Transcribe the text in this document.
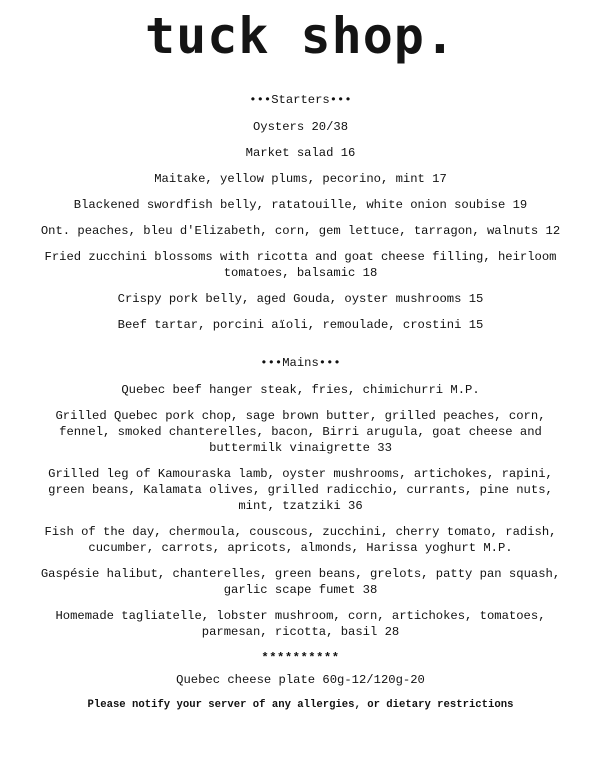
tuck shop.
•••Starters•••
Oysters 20/38
Market salad 16
Maitake, yellow plums, pecorino, mint 17
Blackened swordfish belly, ratatouille, white onion soubise 19
Ont. peaches, bleu d'Elizabeth, corn, gem lettuce, tarragon, walnuts 12
Fried zucchini blossoms with ricotta and goat cheese filling, heirloom tomatoes, balsamic 18
Crispy pork belly, aged Gouda, oyster mushrooms 15
Beef tartar, porcini aïoli, remoulade, crostini 15
•••Mains•••
Quebec beef hanger steak, fries, chimichurri M.P.
Grilled Quebec pork chop, sage brown butter, grilled peaches, corn, fennel, smoked chanterelles, bacon, Birri arugula, goat cheese and buttermilk vinaigrette 33
Grilled leg of Kamouraska lamb, oyster mushrooms, artichokes, rapini, green beans, Kalamata olives, grilled radicchio, currants, pine nuts, mint, tzatziki 36
Fish of the day, chermoula, couscous, zucchini, cherry tomato, radish, cucumber, carrots, apricots, almonds, Harissa yoghurt M.P.
Gaspésie halibut, chanterelles, green beans, grelots, patty pan squash, garlic scape fumet 38
Homemade tagliatelle, lobster mushroom, corn, artichokes, tomatoes, parmesan, ricotta, basil 28
**********
Quebec cheese plate 60g-12/120g-20
Please notify your server of any allergies, or dietary restrictions
